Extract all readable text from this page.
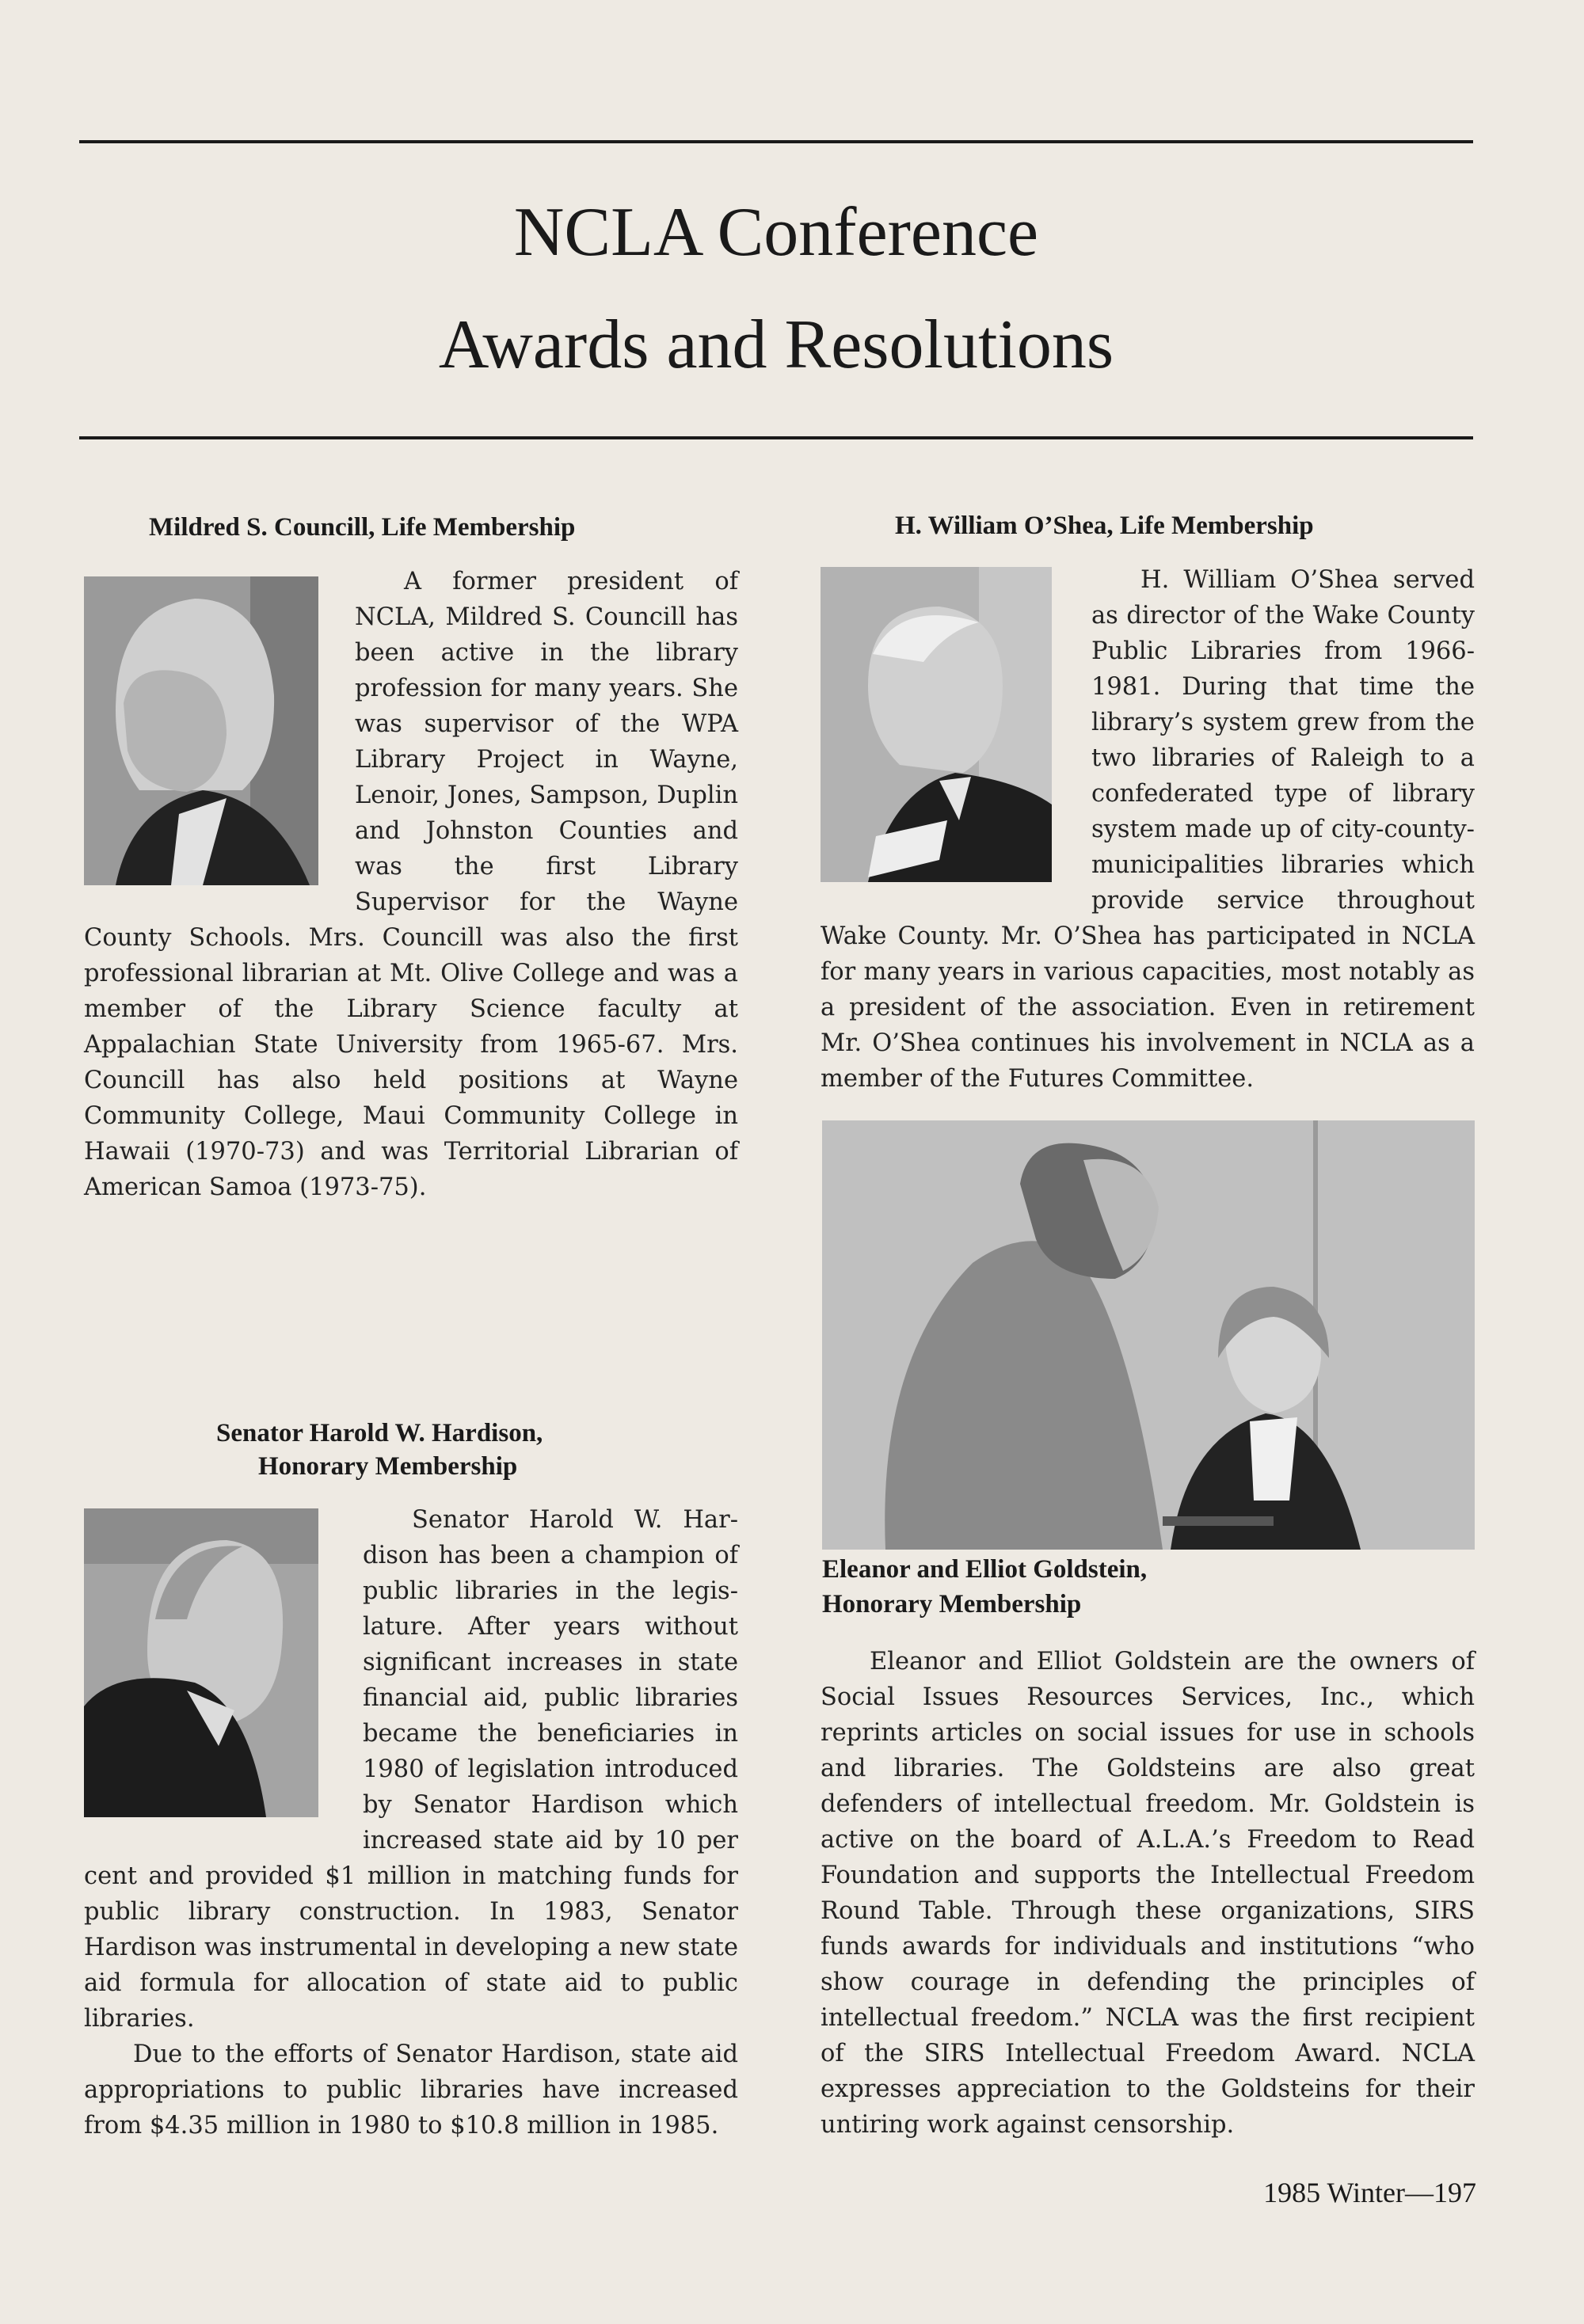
NCLA Conference
Awards and Resolutions
Mildred S. Councill, Life Membership

A former president of NCLA, Mildred S. Councill has been active in the library profession for many years. She was supervisor of the WPA Library Project in Wayne, Lenoir, Jones, Sampson, Duplin and Johnston Counties and was the first Library Supervisor for the Wayne County Schools. Mrs. Councill was also the first professional librarian at Mt. Olive College and was a member of the Library Science faculty at Appalachian State University from 1965-67. Mrs. Councill has also held positions at Wayne Community College, Maui Community College in Hawaii (1970-73) and was Territorial Librarian of American Samoa (1973-75).

Senator Harold W. Hardison,
Honorary Membership

Senator Harold W. Hardison has been a champion of public libraries in the legislature. After years without significant increases in state financial aid, public libraries became the beneficiaries in 1980 of legislation introduced by Senator Hardison which increased state aid by 10 per cent and provided $1 million in matching funds for public library construction. In 1983, Senator Hardison was instrumental in developing a new state aid formula for allocation of state aid to public libraries.

Due to the efforts of Senator Hardison, state aid appropriations to public libraries have increased from $4.35 million in 1980 to $10.8 million in 1985.

H. William O’Shea, Life Membership

H. William O’Shea served as director of the Wake County Public Libraries from 1966-1981. During that time the library’s system grew from the two libraries of Raleigh to a confederated type of library system made up of city-county-municipalities libraries which provide service throughout Wake County. Mr. O’Shea has participated in NCLA for many years in various capacities, most notably as a president of the association. Even in retirement Mr. O’Shea continues his involvement in NCLA as a member of the Futures Committee.

Eleanor and Elliot Goldstein,
Honorary Membership

Eleanor and Elliot Goldstein are the owners of Social Issues Resources Services, Inc., which reprints articles on social issues for use in schools and libraries. The Goldsteins are also great defenders of intellectual freedom. Mr. Goldstein is active on the board of A.L.A.’s Freedom to Read Foundation and supports the Intellectual Freedom Round Table. Through these organizations, SIRS funds awards for individuals and institutions “who show courage in defending the principles of intellectual freedom.” NCLA was the first recipient of the SIRS Intellectual Freedom Award. NCLA expresses appreciation to the Goldsteins for their untiring work against censorship.

1985 Winter—197
